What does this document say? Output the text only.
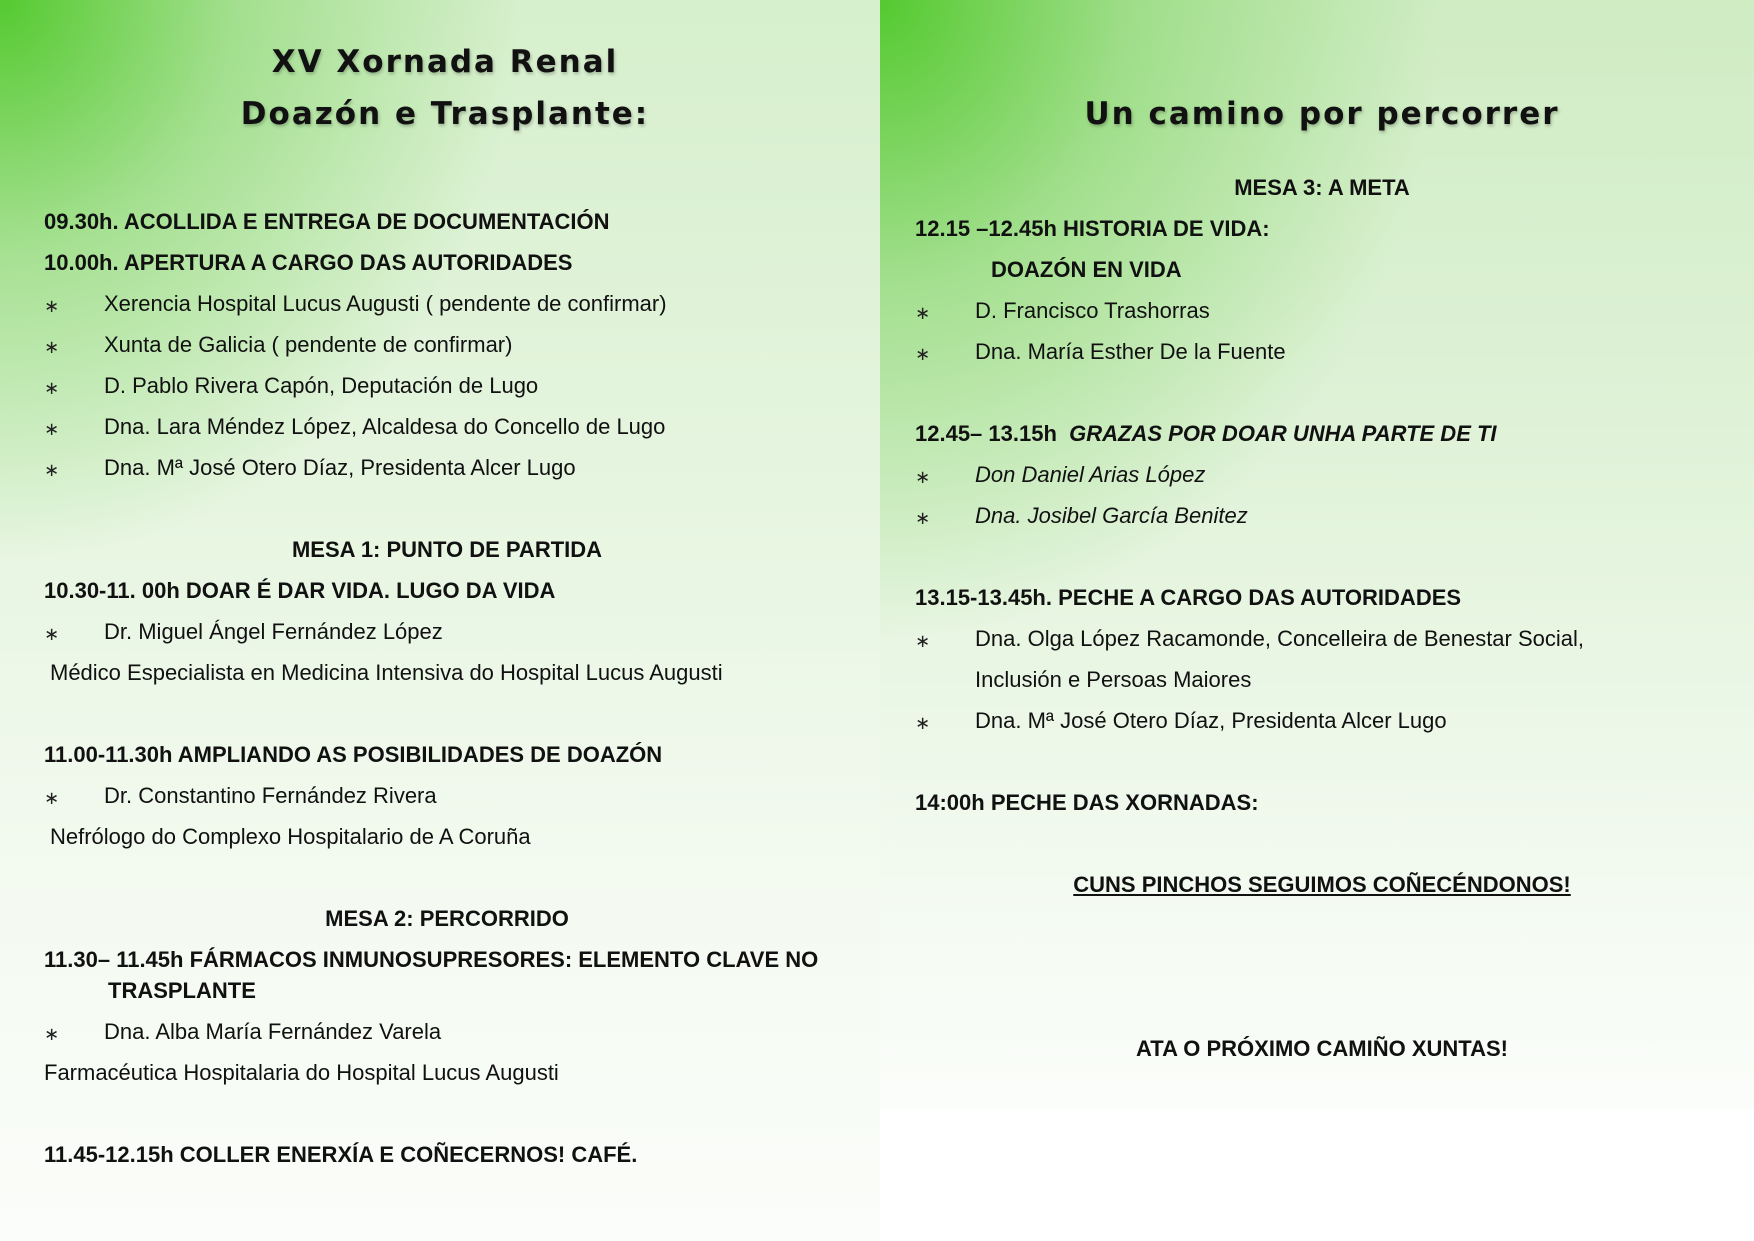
XV Xornada Renal
Doazón e Trasplante:
09.30h. ACOLLIDA E ENTREGA DE DOCUMENTACIÓN
10.00h. APERTURA A CARGO DAS AUTORIDADES
∗ Xerencia Hospital Lucus Augusti ( pendente de confirmar)
∗ Xunta de Galicia ( pendente de confirmar)
∗ D. Pablo Rivera Capón, Deputación de Lugo
∗ Dna. Lara Méndez López, Alcaldesa do Concello de Lugo
∗ Dna. Mª José Otero Díaz, Presidenta Alcer Lugo
MESA 1: PUNTO DE PARTIDA
10.30-11. 00h DOAR É DAR VIDA. LUGO DA VIDA
∗ Dr. Miguel Ángel Fernández López
Médico Especialista en Medicina Intensiva do Hospital Lucus Augusti
11.00-11.30h AMPLIANDO AS POSIBILIDADES DE DOAZÓN
∗ Dr. Constantino Fernández Rivera
Nefrólogo do Complexo Hospitalario de A Coruña
MESA 2: PERCORRIDO
11.30– 11.45h FÁRMACOS INMUNOSUPRESORES: ELEMENTO CLAVE NO
TRASPLANTE
∗ Dna. Alba María Fernández Varela
Farmacéutica Hospitalaria do Hospital Lucus Augusti
11.45-12.15h COLLER ENERXÍA E COÑECERNOS! CAFÉ.
Un camino por percorrer
MESA 3: A META
12.15 –12.45h HISTORIA DE VIDA:
DOAZÓN EN VIDA
∗ D. Francisco Trashorras
∗ Dna. María Esther De la Fuente
12.45– 13.15h GRAZAS POR DOAR UNHA PARTE DE TI
∗ Don Daniel Arias López
∗ Dna. Josibel García Benitez
13.15-13.45h. PECHE A CARGO DAS AUTORIDADES
∗ Dna. Olga López Racamonde, Concelleira de Benestar Social,
Inclusión e Persoas Maiores
∗ Dna. Mª José Otero Díaz, Presidenta Alcer Lugo
14:00h PECHE DAS XORNADAS:
CUNS PINCHOS SEGUIMOS COÑECÉNDONOS!
ATA O PRÓXIMO CAMIÑO XUNTAS!
